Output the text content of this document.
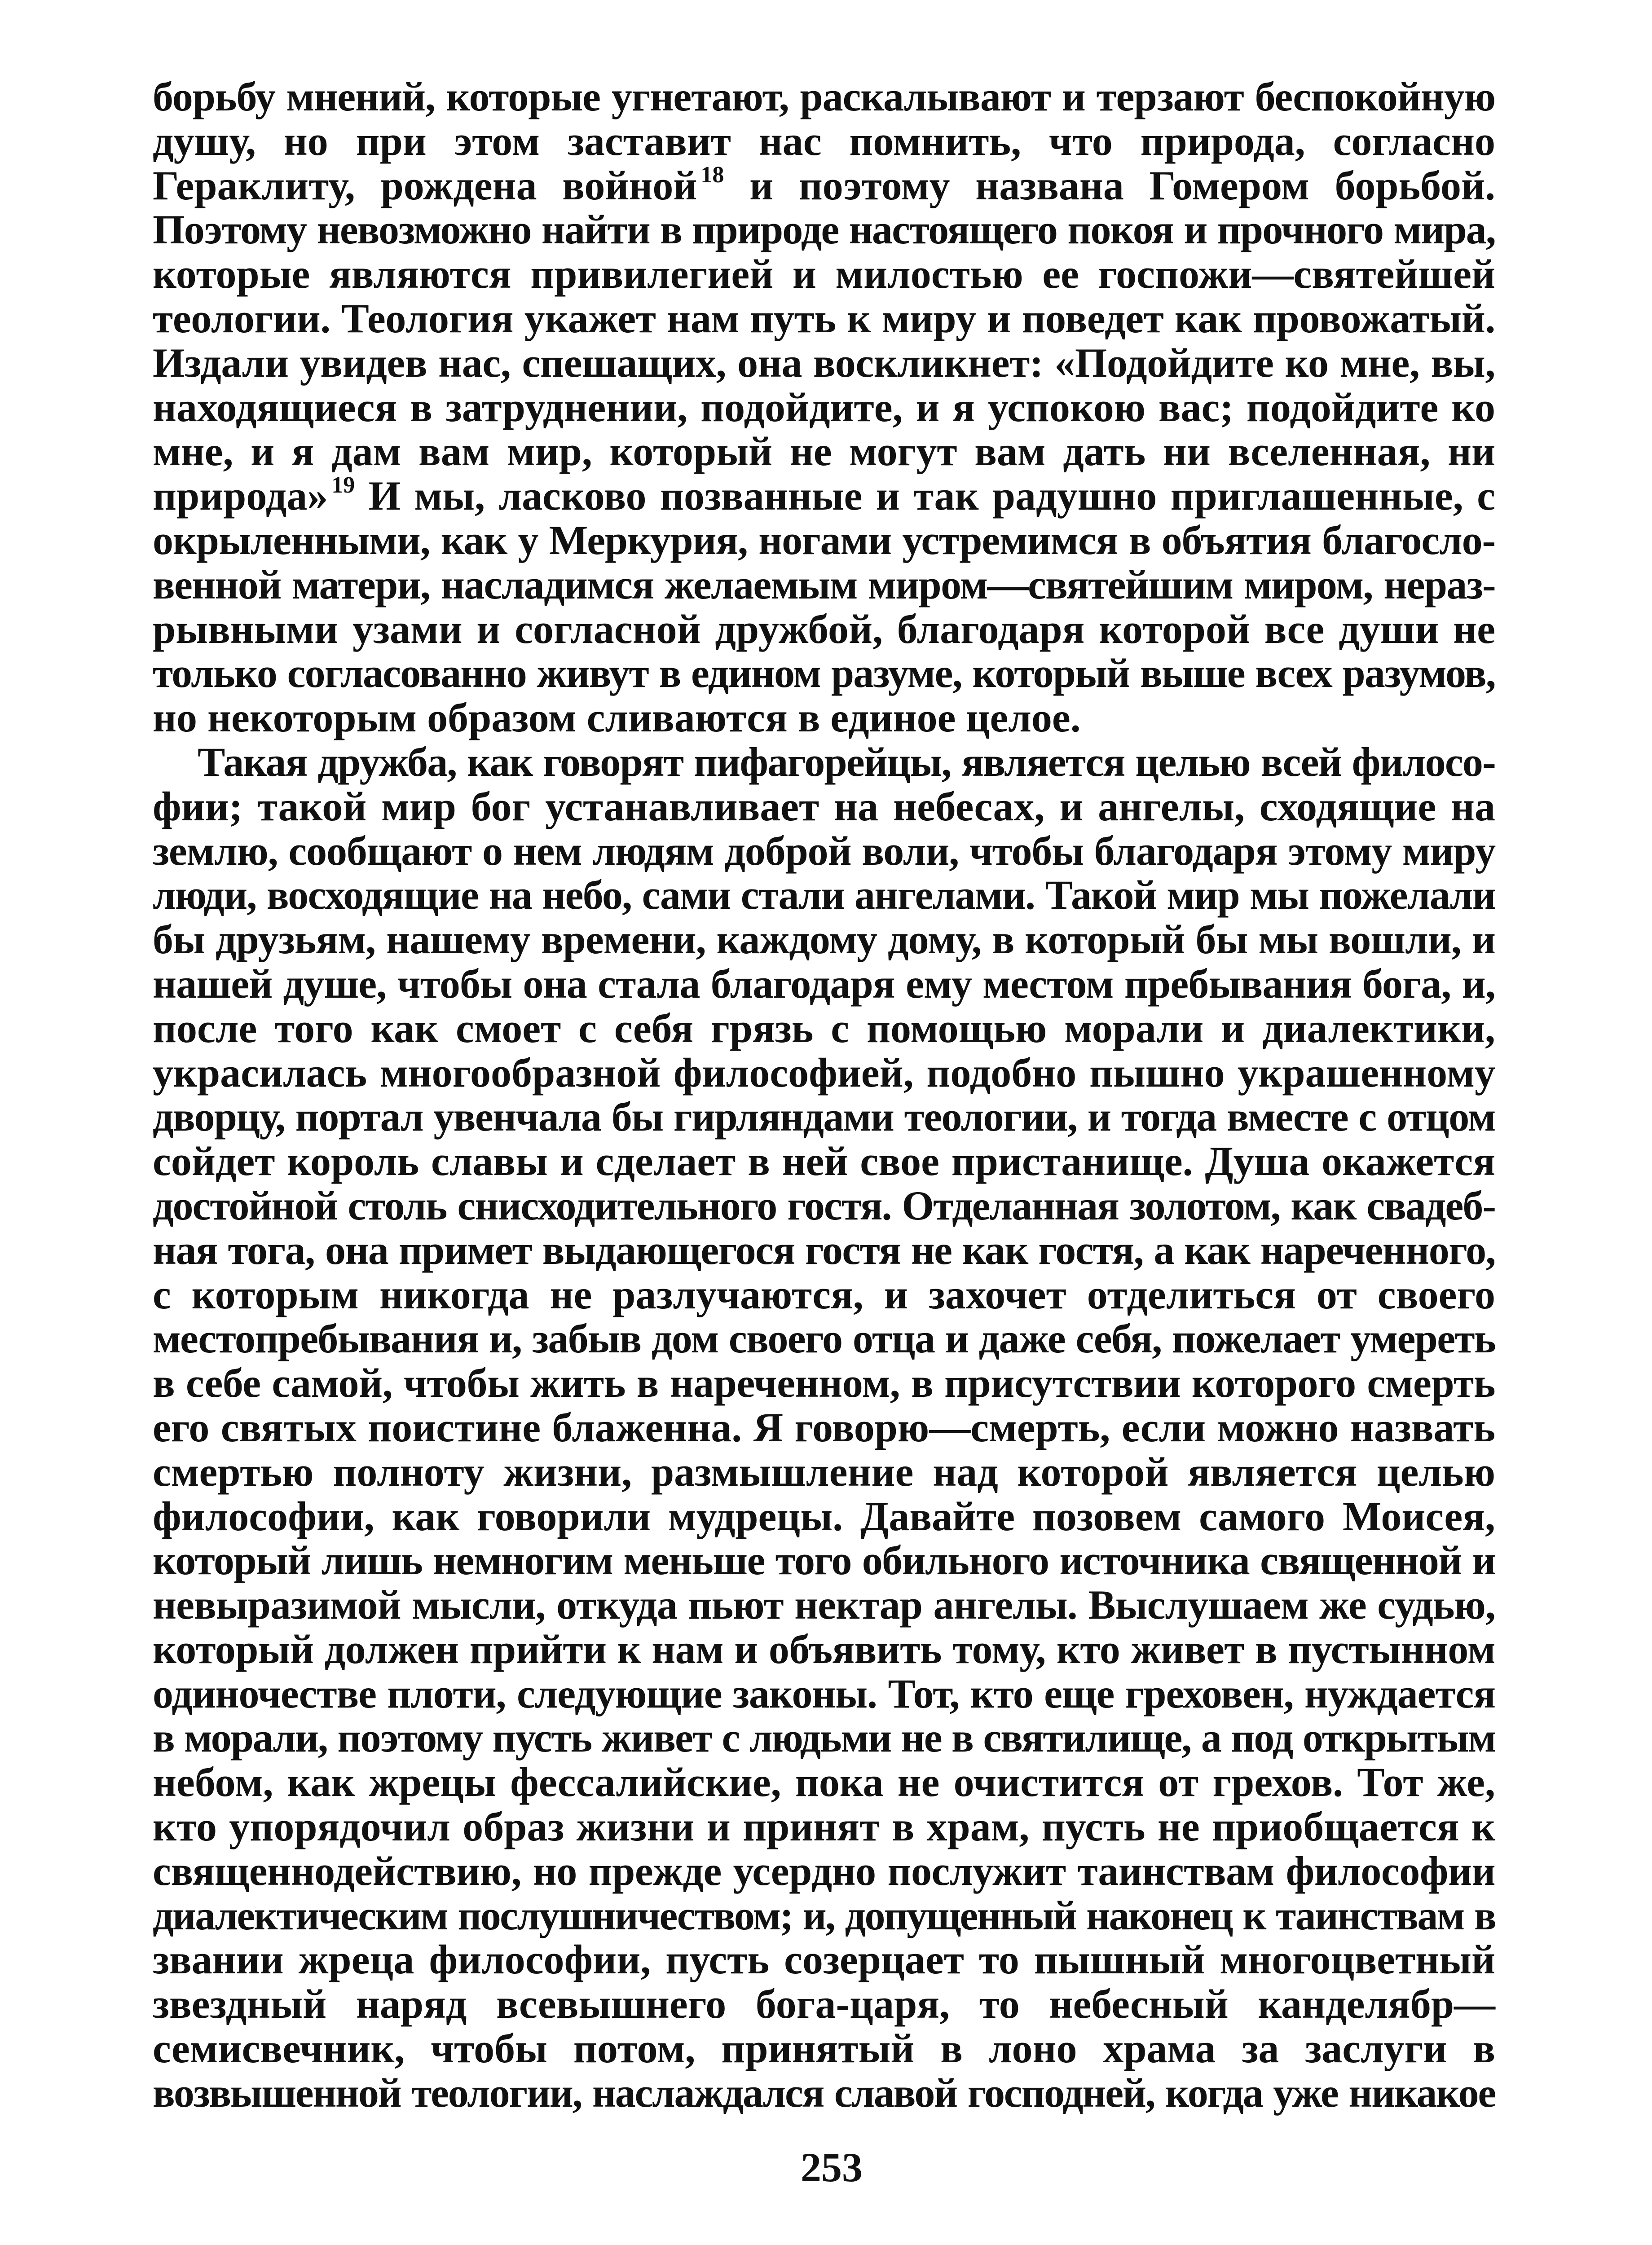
борьбу мнений, которые угнетают, раскалывают и терзают беспокойную
душу, но при этом заставит нас помнить, что природа, согласно
Гераклиту, рождена войной $^{18}$ и поэтому названа Гомером борьбой.
Поэтому невозможно найти в природе настоящего покоя и прочного мира,
которые являются привилегией и милостью ее госпожи—святейшей
теологии. Теология укажет нам путь к миру и поведет как провожатый.
Издали увидев нас, спешащих, она воскликнет: «Подойдите ко мне, вы,
находящиеся в затруднении, подойдите, и я успокою вас; подойдите ко
мне, и я дам вам мир, который не могут вам дать ни вселенная, ни
природа» $^{19}$ И мы, ласково позванные и так радушно приглашенные, с
окрыленными, как у Меркурия, ногами устремимся в объятия благосло-
венной матери, насладимся желаемым миром—святейшим миром, нераз-
рывными узами и согласной дружбой, благодаря которой все души не
только согласованно живут в едином разуме, который выше всех разумов,
но некоторым образом сливаются в единое целое.
Такая дружба, как говорят пифагорейцы, является целью всей филосо-
фии; такой мир бог устанавливает на небесах, и ангелы, сходящие на
землю, сообщают о нем людям доброй воли, чтобы благодаря этому миру
люди, восходящие на небо, сами стали ангелами. Такой мир мы пожелали
бы друзьям, нашему времени, каждому дому, в который бы мы вошли, и
нашей душе, чтобы она стала благодаря ему местом пребывания бога, и,
после того как смоет с себя грязь с помощью морали и диалектики,
украсилась многообразной философией, подобно пышно украшенному
дворцу, портал увенчала бы гирляндами теологии, и тогда вместе с отцом
сойдет король славы и сделает в ней свое пристанище. Душа окажется
достойной столь снисходительного гостя. Отделанная золотом, как свадеб-
ная тога, она примет выдающегося гостя не как гостя, а как нареченного,
с которым никогда не разлучаются, и захочет отделиться от своего
местопребывания и, забыв дом своего отца и даже себя, пожелает умереть
в себе самой, чтобы жить в нареченном, в присутствии которого смерть
его святых поистине блаженна. Я говорю—смерть, если можно назвать
смертью полноту жизни, размышление над которой является целью
философии, как говорили мудрецы. Давайте позовем самого Моисея,
который лишь немногим меньше того обильного источника священной и
невыразимой мысли, откуда пьют нектар ангелы. Выслушаем же судью,
который должен прийти к нам и объявить тому, кто живет в пустынном
одиночестве плоти, следующие законы. Тот, кто еще греховен, нуждается
в морали, поэтому пусть живет с людьми не в святилище, а под открытым
небом, как жрецы фессалийские, пока не очистится от грехов. Тот же,
кто упорядочил образ жизни и принят в храм, пусть не приобщается к
священнодействию, но прежде усердно послужит таинствам философии
диалектическим послушничеством; и, допущенный наконец к таинствам в
звании жреца философии, пусть созерцает то пышный многоцветный
звездный наряд всевышнего бога-царя, то небесный канделябр—
семисвечник, чтобы потом, принятый в лоно храма за заслуги в
возвышенной теологии, наслаждался славой господней, когда уже никакое
253
